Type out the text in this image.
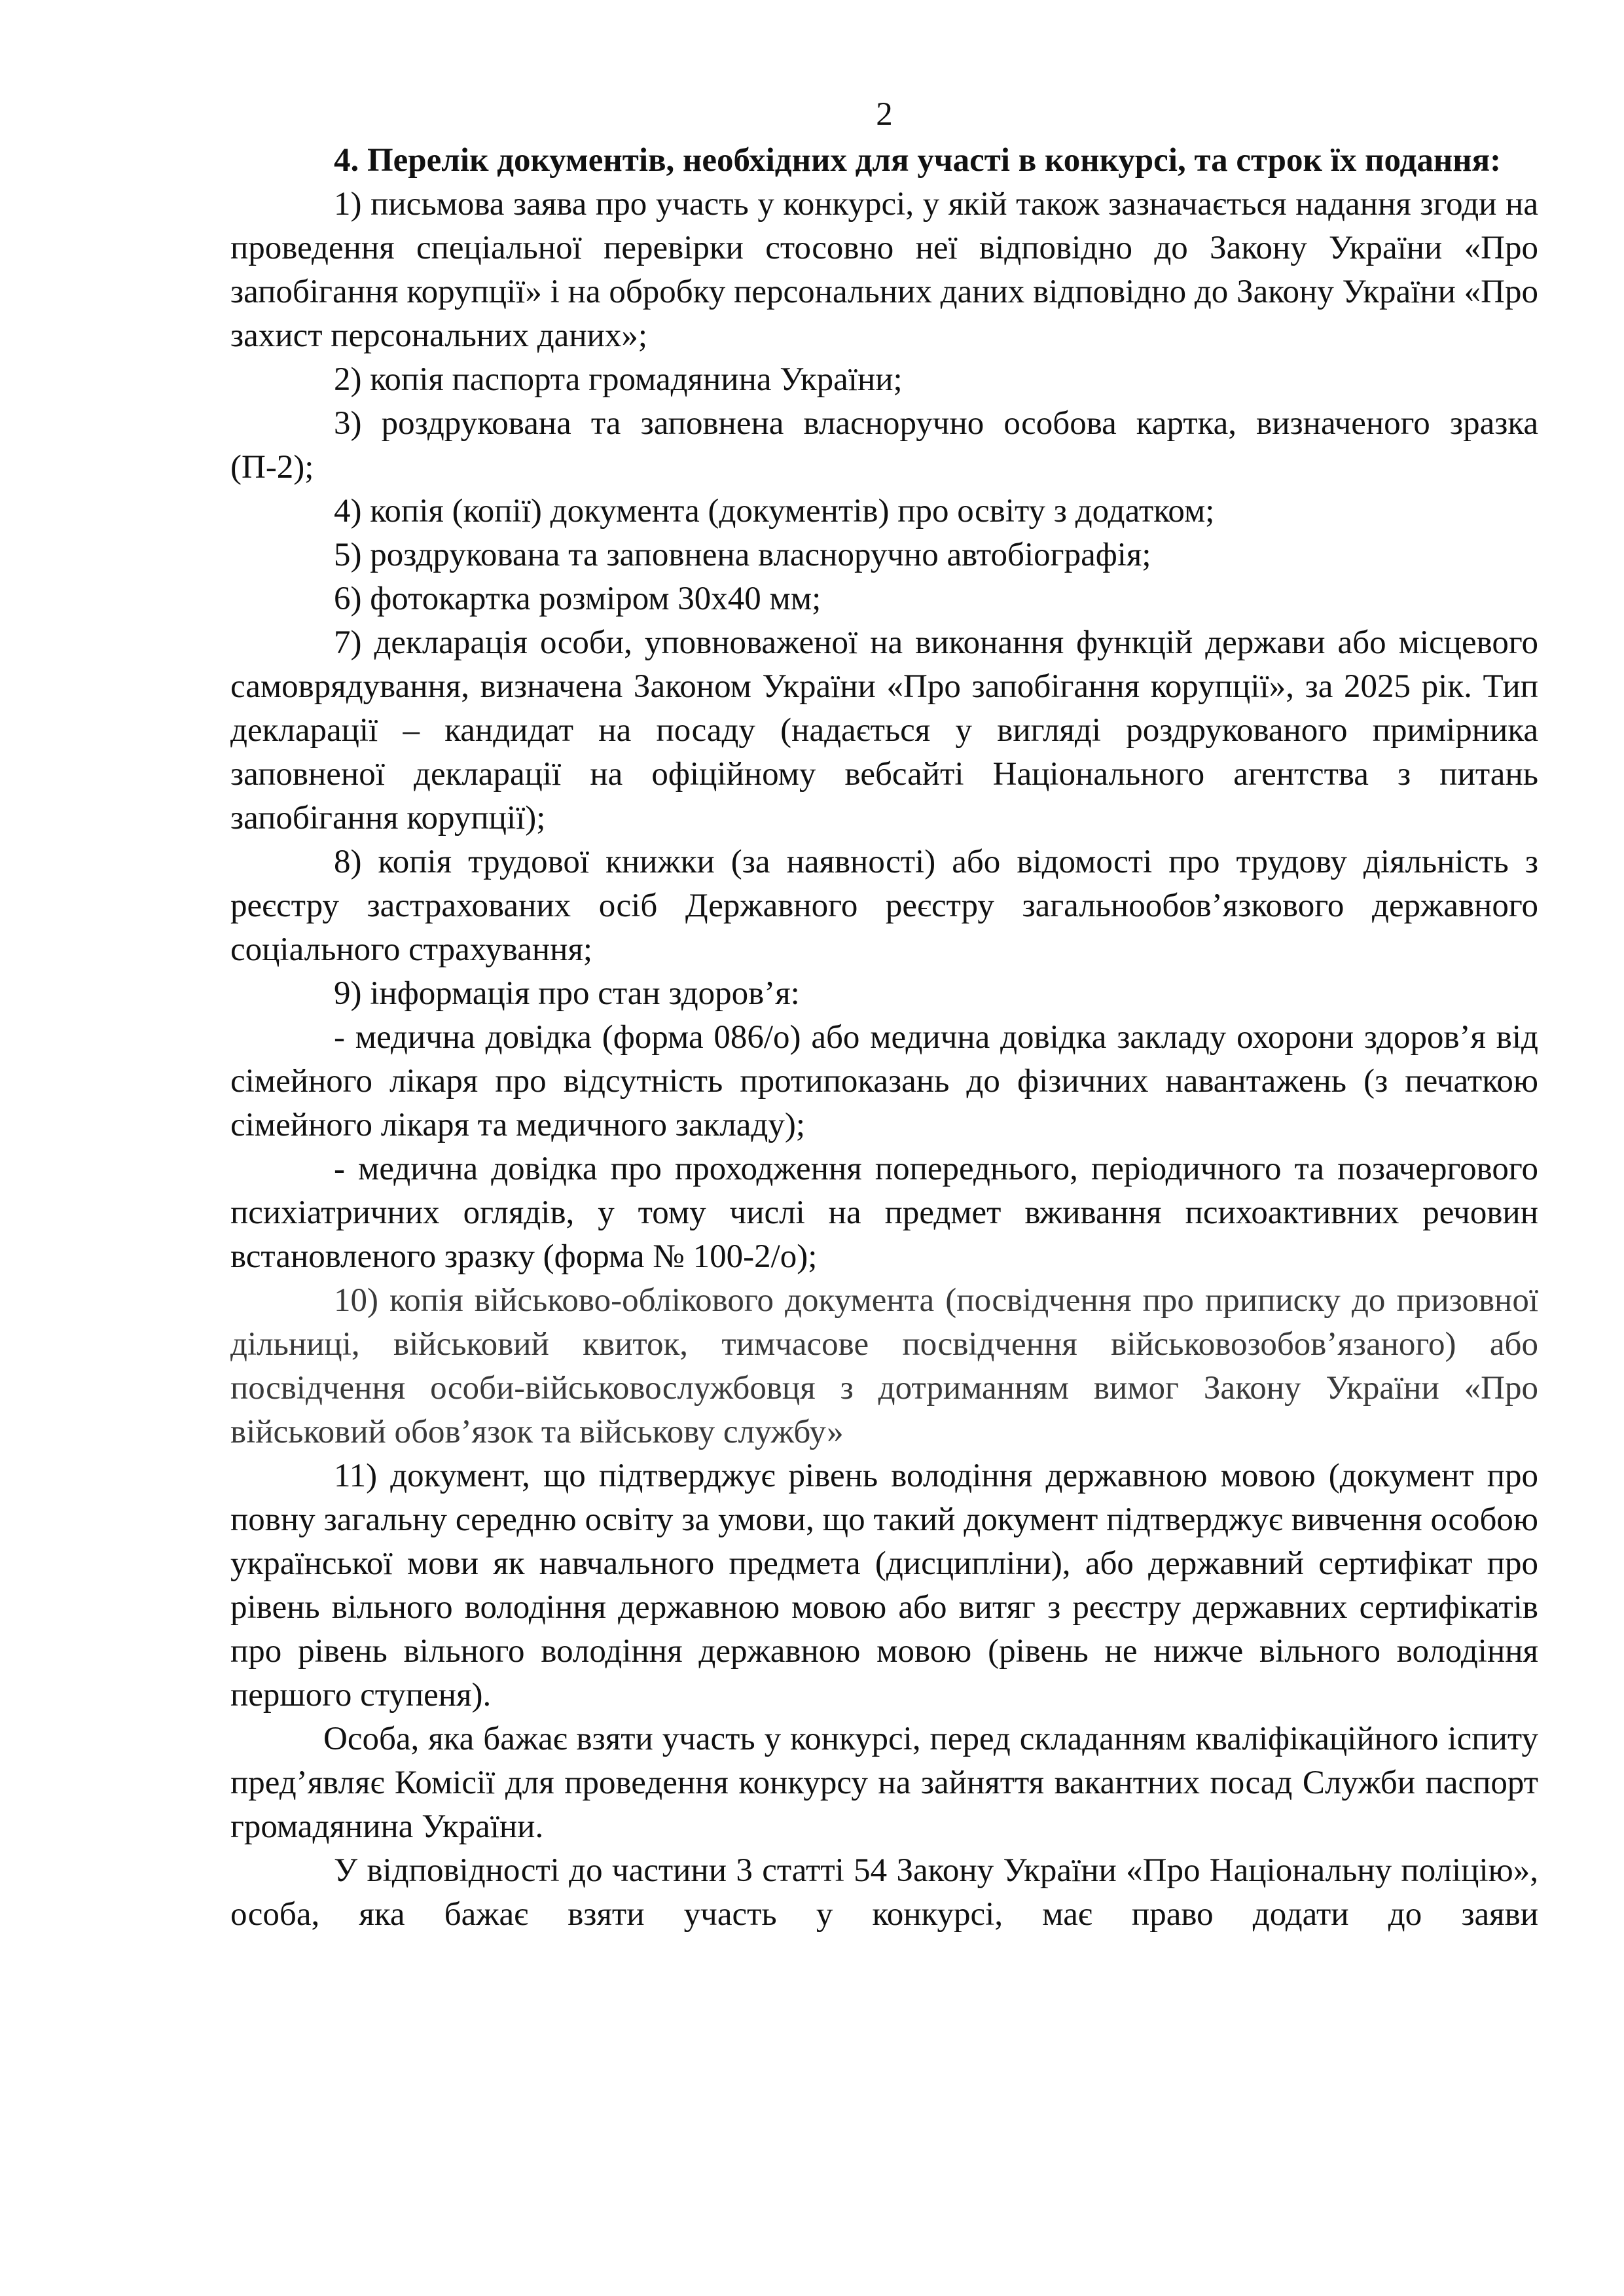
2

4. Перелік документів, необхідних для участі в конкурсі, та строк їх подання:

1) письмова заява про участь у конкурсі, у якій також зазначається надання згоди на проведення спеціальної перевірки стосовно неї відповідно до Закону України «Про запобігання корупції» і на обробку персональних даних відповідно до Закону України «Про захист персональних даних»;

2) копія паспорта громадянина України;

3) роздрукована та заповнена власноручно особова картка, визначеного зразка (П-2);

4) копія (копії) документа (документів) про освіту з додатком;

5) роздрукована та заповнена власноручно автобіографія;

6) фотокартка розміром 30х40 мм;

7) декларація особи, уповноваженої на виконання функцій держави або місцевого самоврядування, визначена Законом України «Про запобігання корупції», за 2025 рік. Тип декларації – кандидат на посаду (надається у вигляді роздрукованого примірника заповненої декларації на офіційному вебсайті Національного агентства з питань запобігання корупції);

8) копія трудової книжки (за наявності) або відомості про трудову діяльність з реєстру застрахованих осіб Державного реєстру загальнообов’язкового державного соціального страхування;

9) інформація про стан здоров’я:

- медична довідка (форма 086/о) або медична довідка закладу охорони здоров’я від сімейного лікаря про відсутність протипоказань до фізичних навантажень (з печаткою сімейного лікаря та медичного закладу);

- медична довідка про проходження попереднього, періодичного та позачергового психіатричних оглядів, у тому числі на предмет вживання психоактивних речовин встановленого зразку (форма № 100-2/о);

10) копія військово-облікового документа (посвідчення про приписку до призовної дільниці, військовий квиток, тимчасове посвідчення військовозобов’язаного) або посвідчення особи-військовослужбовця з дотриманням вимог Закону України «Про військовий обов’язок та військову службу»

11) документ, що підтверджує рівень володіння державною мовою (документ про повну загальну середню освіту за умови, що такий документ підтверджує вивчення особою української мови як навчального предмета (дисципліни), або державний сертифікат про рівень вільного володіння державною мовою або витяг з реєстру державних сертифікатів про рівень вільного володіння державною мовою (рівень не нижче вільного володіння першого ступеня).

Особа, яка бажає взяти участь у конкурсі, перед складанням кваліфікаційного іспиту пред’являє Комісії для проведення конкурсу на зайняття вакантних посад Служби паспорт громадянина України.

У відповідності до частини 3 статті 54 Закону України «Про Національну поліцію», особа, яка бажає взяти участь у конкурсі, має право додати до заяви
